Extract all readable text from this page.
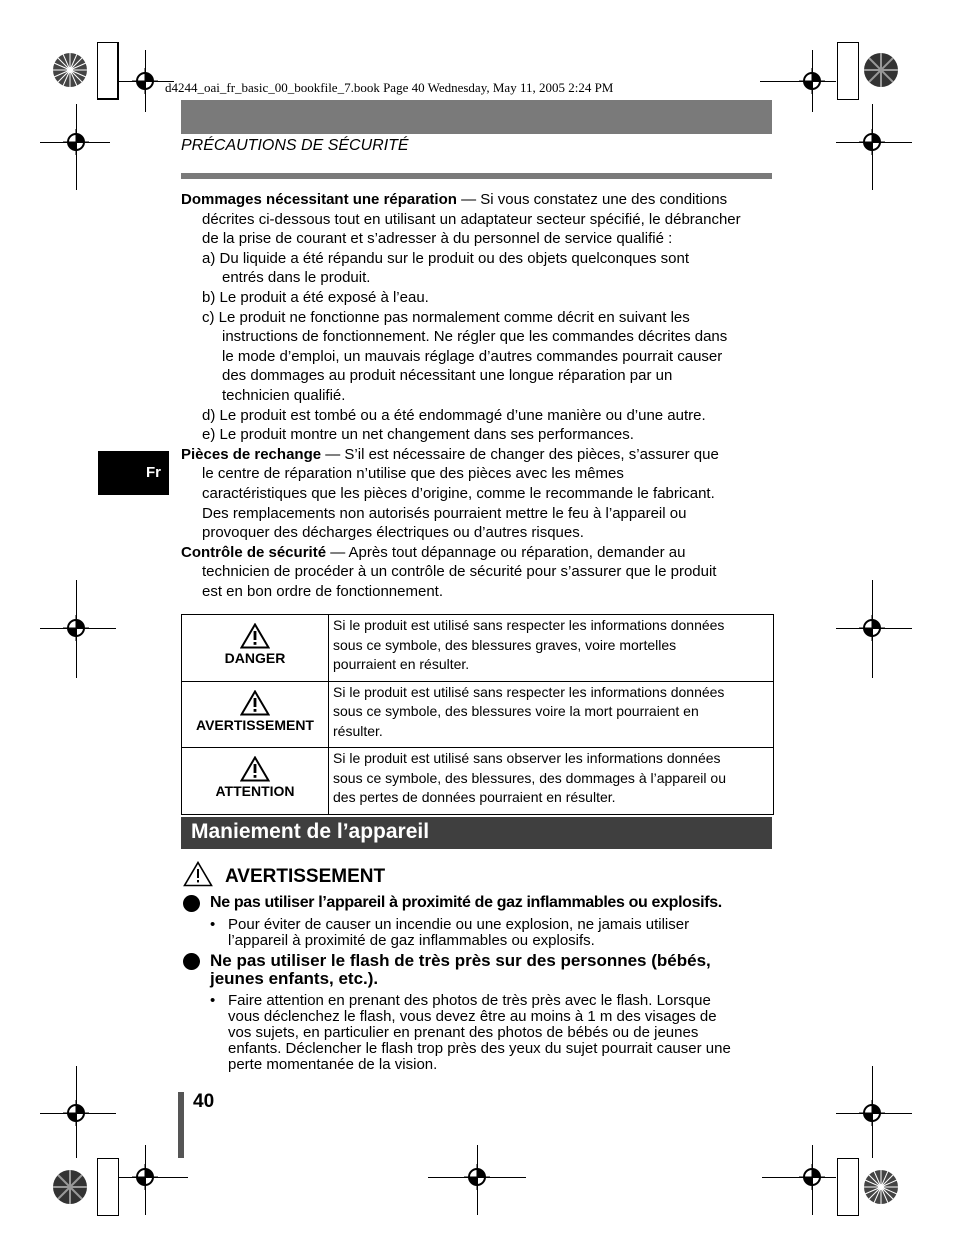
d4244_oai_fr_basic_00_bookfile_7.book Page 40 Wednesday, May 11, 2005 2:24 PM
PRÉCAUTIONS DE SÉCURITÉ
Fr

Dommages nécessitant une réparation — Si vous constatez une des conditions
décrites ci-dessous tout en utilisant un adaptateur secteur spécifié, le débrancher
de la prise de courant et s’adresser à du personnel de service qualifié :

a) Du liquide a été répandu sur le produit ou des objets quelconques sont
entrés dans le produit.

b) Le produit a été exposé à l’eau.

c) Le produit ne fonctionne pas normalement comme décrit en suivant les
instructions de fonctionnement. Ne régler que les commandes décrites dans
le mode d’emploi, un mauvais réglage d’autres commandes pourrait causer
des dommages au produit nécessitant une longue réparation par un
technicien qualifié.

d) Le produit est tombé ou a été endommagé d’une manière ou d’une autre.

e) Le produit montre un net changement dans ses performances.

Pièces de rechange — S’il est nécessaire de changer des pièces, s’assurer que
le centre de réparation n’utilise que des pièces avec les mêmes
caractéristiques que les pièces d’origine, comme le recommande le fabricant.
Des remplacements non autorisés pourraient mettre le feu à l’appareil ou
provoquer des décharges électriques ou d’autres risques.

Contrôle de sécurité — Après tout dépannage ou réparation, demander au
technicien de procéder à un contrôle de sécurité pour s’assurer que le produit
est en bon ordre de fonctionnement.

DANGER	Si le produit est utilisé sans respecter les informations données
sous ce symbole, des blessures graves, voire mortelles
pourraient en résulter.

AVERTISSEMENT	Si le produit est utilisé sans respecter les informations données
sous ce symbole, des blessures voire la mort pourraient en
résulter.

ATTENTION	Si le produit est utilisé sans observer les informations données
sous ce symbole, des blessures, des dommages à l’appareil ou
des pertes de données pourraient en résulter.
Maniement de l’appareil
AVERTISSEMENT
Ne pas utiliser l’appareil à proximité de gaz inflammables ou explosifs.
• Pour éviter de causer un incendie ou une explosion, ne jamais utiliser
l’appareil à proximité de gaz inflammables ou explosifs.
Ne pas utiliser le flash de très près sur des personnes (bébés,
jeunes enfants, etc.).
• Faire attention en prenant des photos de très près avec le flash. Lorsque
vous déclenchez le flash, vous devez être au moins à 1 m des visages de
vos sujets, en particulier en prenant des photos de bébés ou de jeunes
enfants. Déclencher le flash trop près des yeux du sujet pourrait causer une
perte momentanée de la vision.
40
